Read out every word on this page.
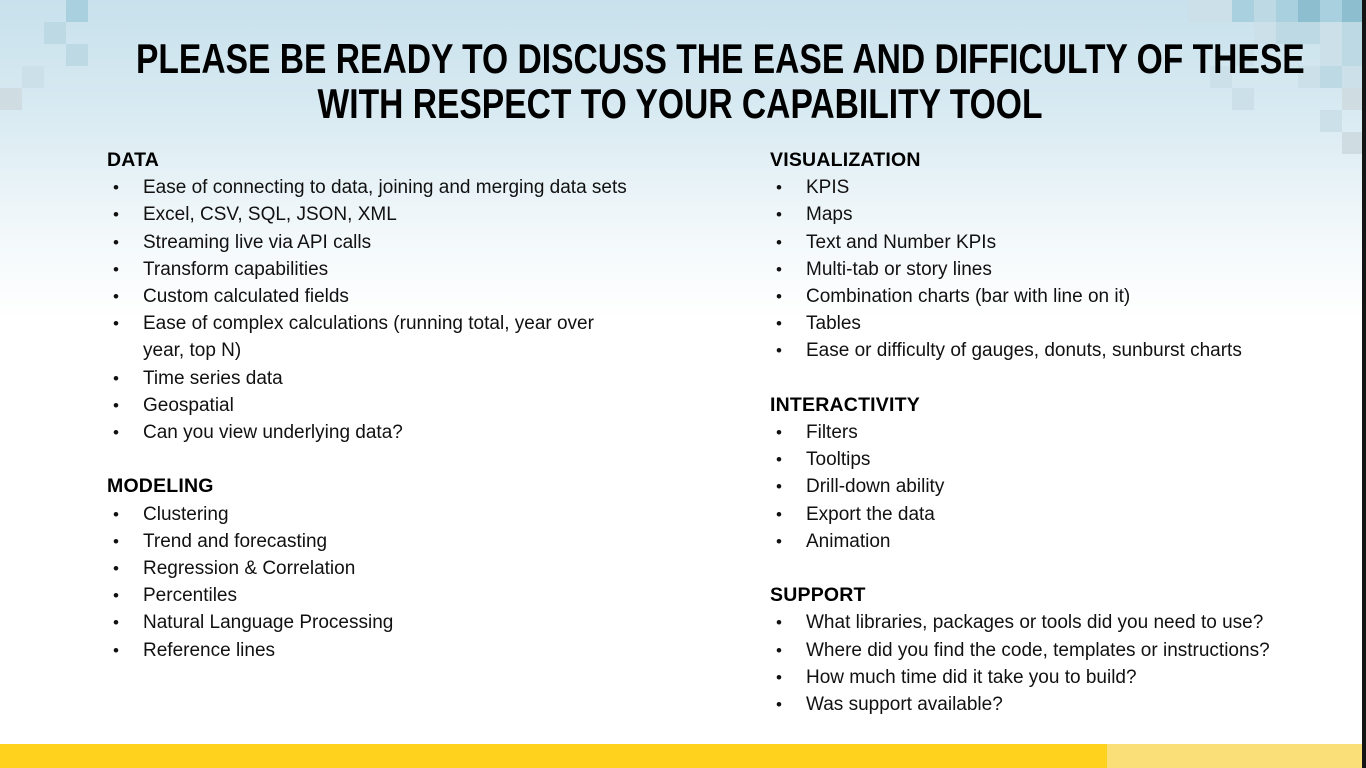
PLEASE BE READY TO DISCUSS THE EASE AND DIFFICULTY OF THESE
WITH RESPECT TO YOUR CAPABILITY TOOL
DATA
•	Ease of connecting to data, joining and merging data sets
•	Excel, CSV, SQL, JSON, XML
•	Streaming live via API calls
•	Transform capabilities
•	Custom calculated fields
•	Ease of complex calculations (running total, year over year, top N)
•	Time series data
•	Geospatial
•	Can you view underlying data?
MODELING
•	Clustering
•	Trend and forecasting
•	Regression & Correlation
•	Percentiles
•	Natural Language Processing
•	Reference lines
VISUALIZATION
•	KPIS
•	Maps
•	Text and Number KPIs
•	Multi-tab or story lines
•	Combination charts (bar with line on it)
•	Tables
•	Ease or difficulty of gauges, donuts, sunburst charts
INTERACTIVITY
•	Filters
•	Tooltips
•	Drill-down ability
•	Export the data
•	Animation
SUPPORT
•	What libraries, packages or tools did you need to use?
•	Where did you find the code, templates or instructions?
•	How much time did it take you to build?
•	Was support available?
